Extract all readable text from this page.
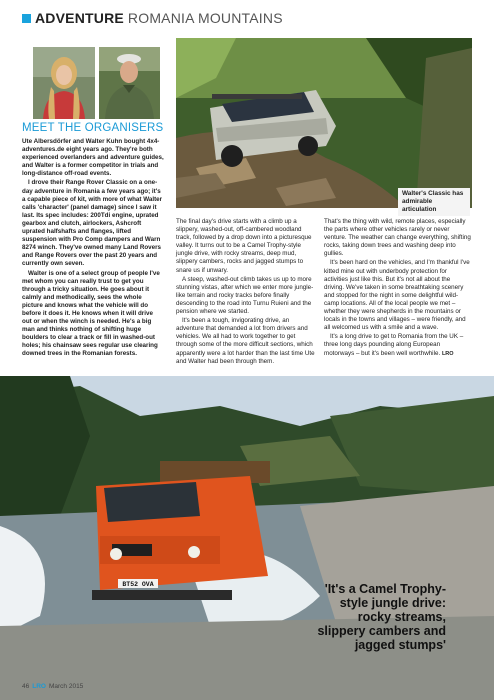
ADVENTURE ROMANIA MOUNTAINS
Walter's Classic has admirable articulation
MEET THE ORGANISERS

Ute Albersdörfer and Walter Kuhn bought 4x4-adventures.de eight years ago. They're both experienced overlanders and adventure guides, and Walter is a former competitor in trials and long-distance off-road events.

I drove their Range Rover Classic on a one-day adventure in Romania a few years ago; it's a capable piece of kit, with more of what Walter calls 'character' (panel damage) since I saw it last. Its spec includes: 200Tdi engine, uprated gearbox and clutch, airlockers, Ashcroft uprated halfshafts and flanges, lifted suspension with Pro Comp dampers and Warn 8274 winch. They've owned many Land Rovers and Range Rovers over the past 20 years and currently own seven.

Walter is one of a select group of people I've met whom you can really trust to get you through a tricky situation. He goes about it calmly and methodically, sees the whole picture and knows what the vehicle will do before it does it. He knows when it will drive out or when the winch is needed. He's a big man and thinks nothing of shifting huge boulders to clear a track or fill in washed-out holes; his chainsaw sees regular use clearing downed trees in the Romanian forests.

The final day's drive starts with a climb up a slippery, washed-out, off-cambered woodland track, followed by a drop down into a picturesque valley. It turns out to be a Camel Trophy-style jungle drive, with rocky streams, deep mud, slippery cambers, rocks and jagged stumps to snare us if unwary.

A steep, washed-out climb takes us up to more stunning vistas, after which we enter more jungle-like terrain and rocky tracks before finally descending to the road into Turnu Ruieni and the pension where we started.

It's been a tough, invigorating drive, an adventure that demanded a lot from drivers and vehicles. We all had to work together to get through some of the more difficult sections, which apparently were a lot harder than the last time Ute and Walter had been through them.

That's the thing with wild, remote places, especially the parts where other vehicles rarely or never venture. The weather can change everything, shifting rocks, taking down trees and washing deep into gullies.

It's been hard on the vehicles, and I'm thankful I've kitted mine out with underbody protection for activities just like this. But it's not all about the driving. We've taken in some breathtaking scenery and stopped for the night in some delightful wild-camp locations. All of the local people we met – whether they were shepherds in the mountains or locals in the towns and villages – were friendly, and all welcomed us with a smile and a wave.

It's a long drive to get to Romania from the UK – three long days pounding along European motorways – but it's been well worthwhile. LRO

BT52 OVA	'It's a Camel Trophy-style jungle drive: rocky streams, slippery cambers and jagged stumps'
46 LRO March 2015
